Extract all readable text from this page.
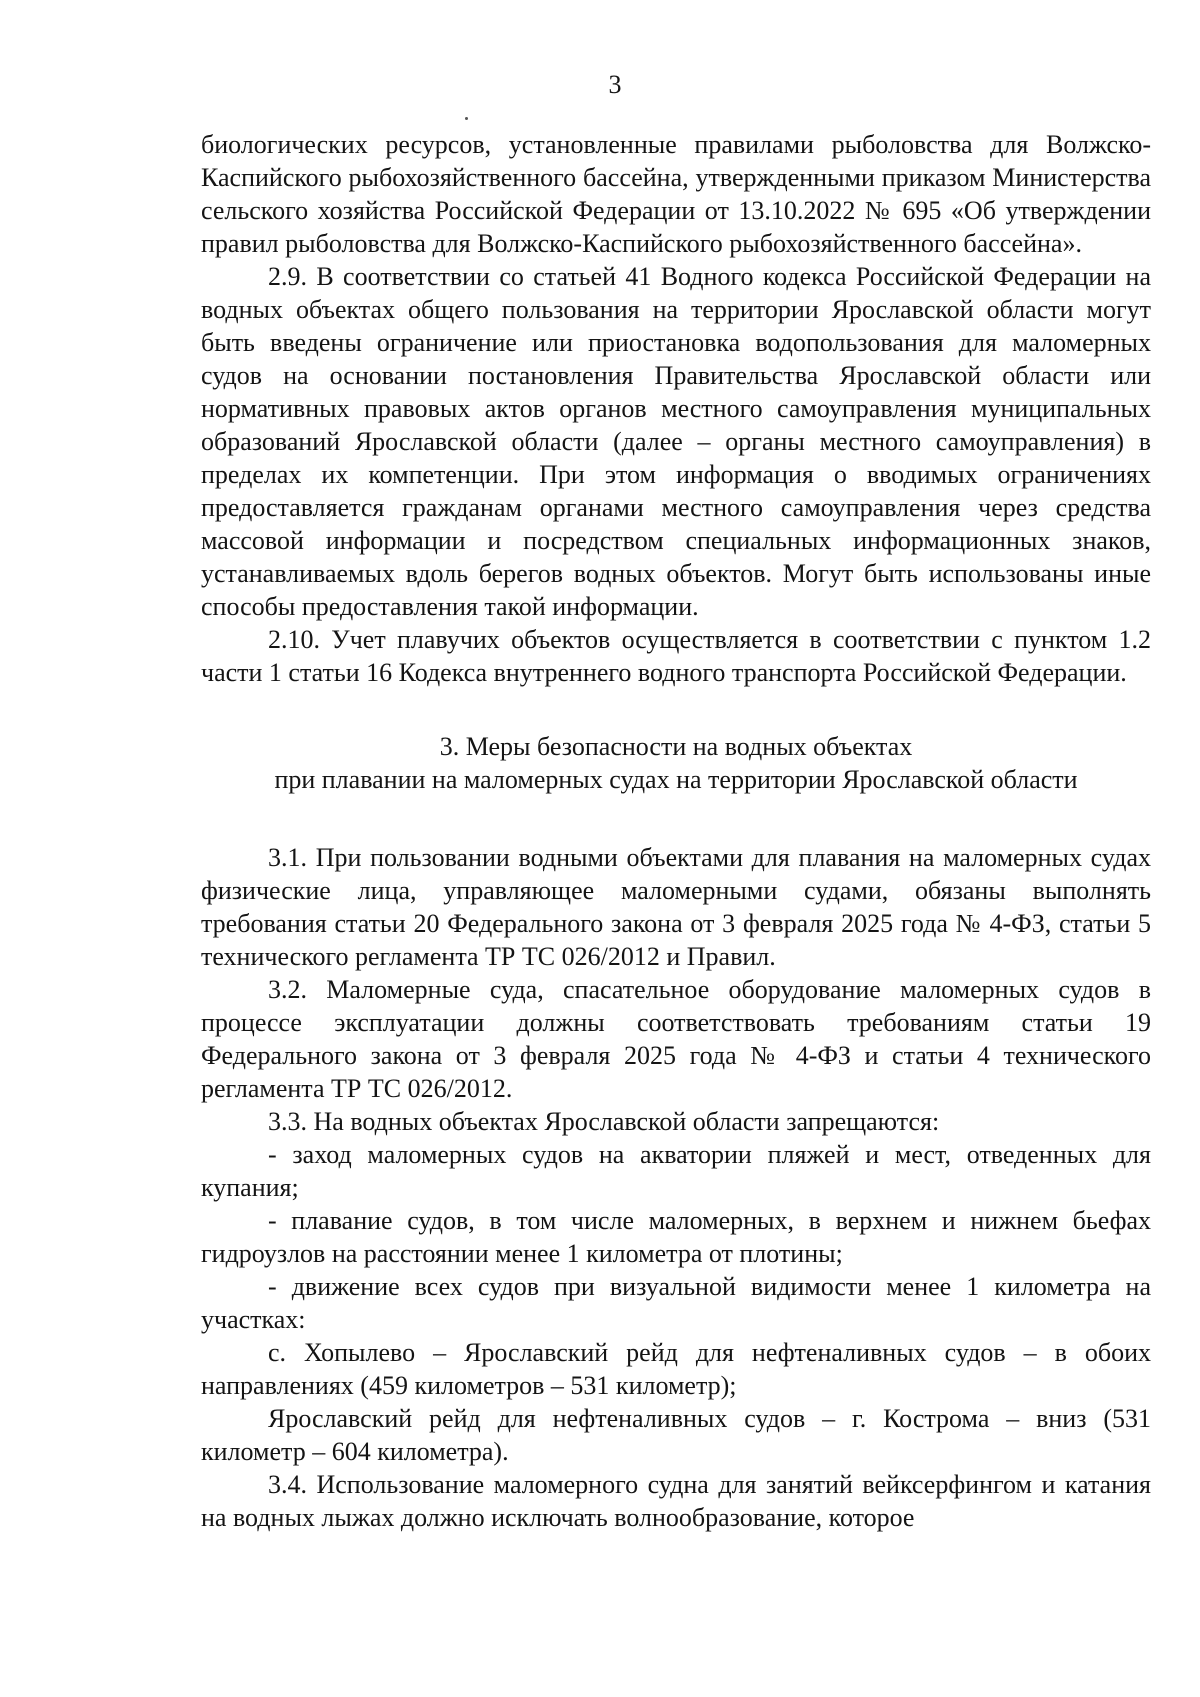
3

биологических ресурсов, установленные правилами рыболовства для Волжско-Каспийского рыбохозяйственного бассейна, утвержденными приказом Министерства сельского хозяйства Российской Федерации от 13.10.2022 № 695 «Об утверждении правил рыболовства для Волжско-Каспийского рыбохозяйственного бассейна».

2.9. В соответствии со статьей 41 Водного кодекса Российской Федерации на водных объектах общего пользования на территории Ярославской области могут быть введены ограничение или приостановка водопользования для маломерных судов на основании постановления Правительства Ярославской области или нормативных правовых актов органов местного самоуправления муниципальных образований Ярославской области (далее – органы местного самоуправления) в пределах их компетенции. При этом информация о вводимых ограничениях предоставляется гражданам органами местного самоуправления через средства массовой информации и посредством специальных информационных знаков, устанавливаемых вдоль берегов водных объектов. Могут быть использованы иные способы предоставления такой информации.

2.10. Учет плавучих объектов осуществляется в соответствии с пунктом 1.2 части 1 статьи 16 Кодекса внутреннего водного транспорта Российской Федерации.

3. Меры безопасности на водных объектах

при плавании на маломерных судах на территории Ярославской области

3.1. При пользовании водными объектами для плавания на маломерных судах физические лица, управляющее маломерными судами, обязаны выполнять требования статьи 20 Федерального закона от 3 февраля 2025 года № 4-ФЗ, статьи 5 технического регламента ТР ТС 026/2012 и Правил.

3.2. Маломерные суда, спасательное оборудование маломерных судов в процессе эксплуатации должны соответствовать требованиям статьи 19 Федерального закона от 3 февраля 2025 года № 4-ФЗ и статьи 4 технического регламента ТР ТС 026/2012.

3.3. На водных объектах Ярославской области запрещаются:

- заход маломерных судов на акватории пляжей и мест, отведенных для купания;

- плавание судов, в том числе маломерных, в верхнем и нижнем бьефах гидроузлов на расстоянии менее 1 километра от плотины;

- движение всех судов при визуальной видимости менее 1 километра на участках:

с. Хопылево – Ярославский рейд для нефтеналивных судов – в обоих направлениях (459 километров – 531 километр);

Ярославский рейд для нефтеналивных судов – г. Кострома – вниз (531 километр – 604 километра).

3.4. Использование маломерного судна для занятий вейксерфингом и катания на водных лыжах должно исключать волнообразование, которое
